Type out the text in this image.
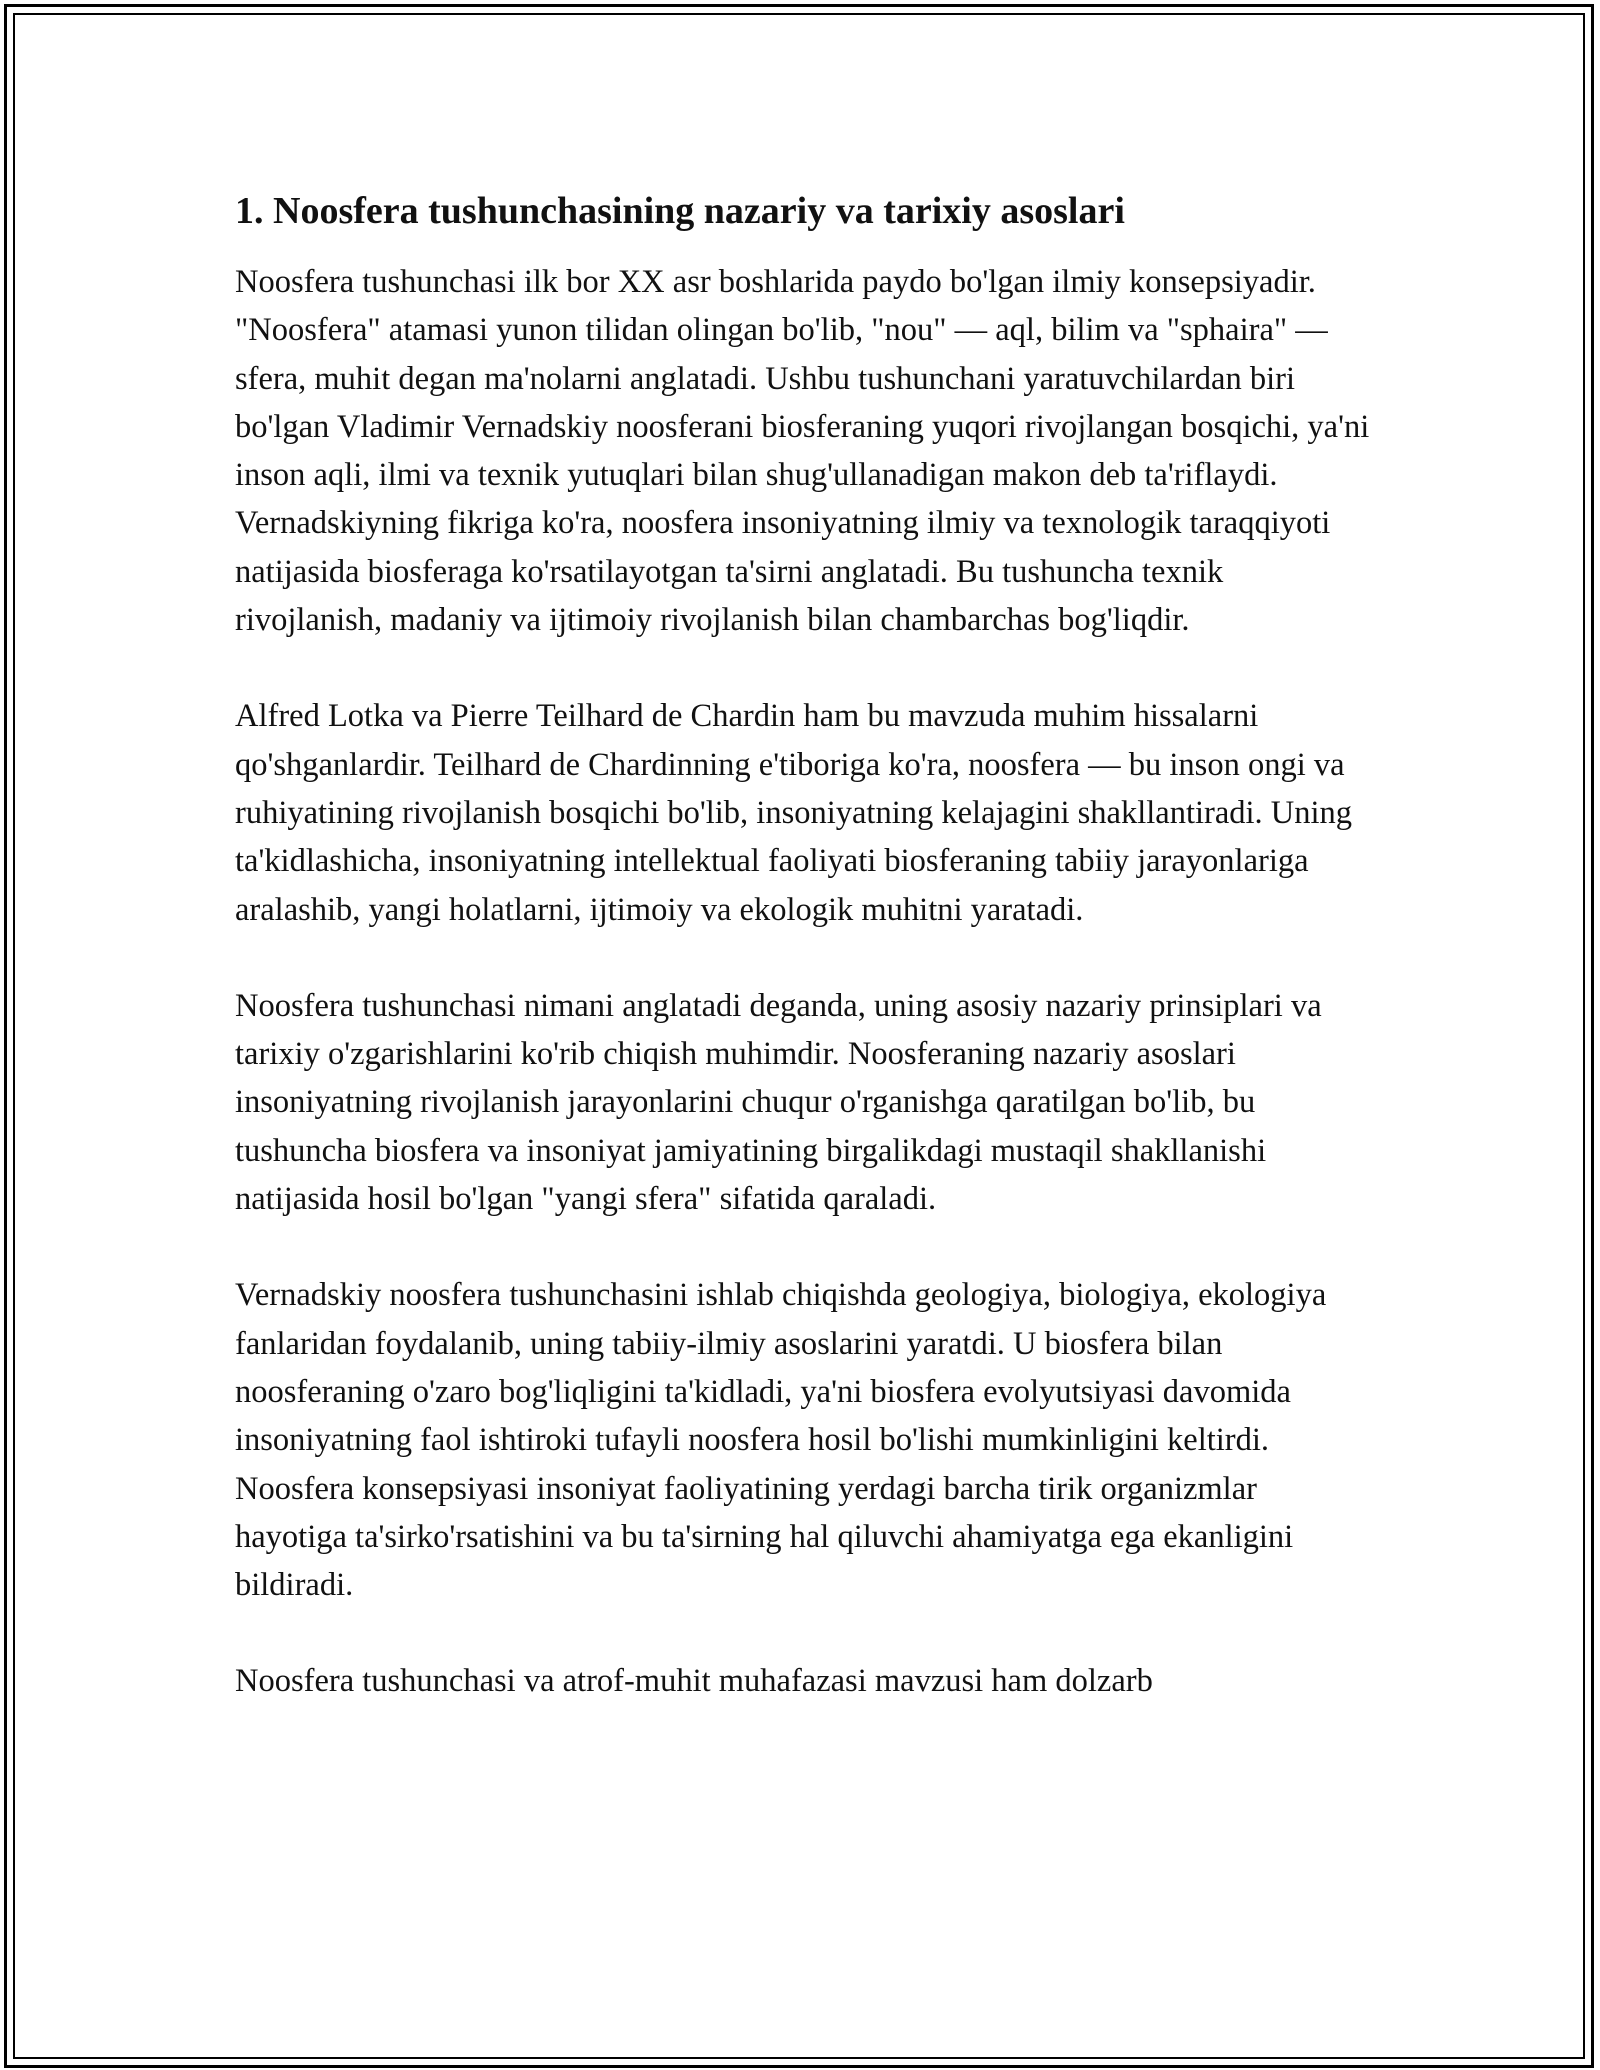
1. Noosfera tushunchasining nazariy va tarixiy asoslari

Noosfera tushunchasi ilk bor XX asr boshlarida paydo bo'lgan ilmiy konsepsiyadir. "Noosfera" atamasi yunon tilidan olingan bo'lib, "nou" — aql, bilim va "sphaira" — sfera, muhit degan ma'nolarni anglatadi. Ushbu tushunchani yaratuvchilardan biri bo'lgan Vladimir Vernadskiy noosferani biosferaning yuqori rivojlangan bosqichi, ya'ni inson aqli, ilmi va texnik yutuqlari bilan shug'ullanadigan makon deb ta'riflaydi. Vernadskiyning fikriga ko'ra, noosfera insoniyatning ilmiy va texnologik taraqqiyoti natijasida biosferaga ko'rsatilayotgan ta'sirni anglatadi. Bu tushuncha texnik rivojlanish, madaniy va ijtimoiy rivojlanish bilan chambarchas bog'liqdir.

Alfred Lotka va Pierre Teilhard de Chardin ham bu mavzuda muhim hissalarni qo'shganlardir. Teilhard de Chardinning e'tiboriga ko'ra, noosfera — bu inson ongi va ruhiyatining rivojlanish bosqichi bo'lib, insoniyatning kelajagini shakllantiradi. Uning ta'kidlashicha, insoniyatning intellektual faoliyati biosferaning tabiiy jarayonlariga aralashib, yangi holatlarni, ijtimoiy va ekologik muhitni yaratadi.

Noosfera tushunchasi nimani anglatadi deganda, uning asosiy nazariy prinsiplari va tarixiy o'zgarishlarini ko'rib chiqish muhimdir. Noosferaning nazariy asoslari insoniyatning rivojlanish jarayonlarini chuqur o'rganishga qaratilgan bo'lib, bu tushuncha biosfera va insoniyat jamiyatining birgalikdagi mustaqil shakllanishi natijasida hosil bo'lgan "yangi sfera" sifatida qaraladi.

Vernadskiy noosfera tushunchasini ishlab chiqishda geologiya, biologiya, ekologiya fanlaridan foydalanib, uning tabiiy-ilmiy asoslarini yaratdi. U biosfera bilan noosferaning o'zaro bog'liqligini ta'kidladi, ya'ni biosfera evolyutsiyasi davomida insoniyatning faol ishtiroki tufayli noosfera hosil bo'lishi mumkinligini keltirdi. Noosfera konsepsiyasi insoniyat faoliyatining yerdagi barcha tirik organizmlar hayotiga ta'sirko'rsatishini va bu ta'sirning hal qiluvchi ahamiyatga ega ekanligini bildiradi.

Noosfera tushunchasi va atrof-muhit muhafazasi mavzusi ham dolzarb
